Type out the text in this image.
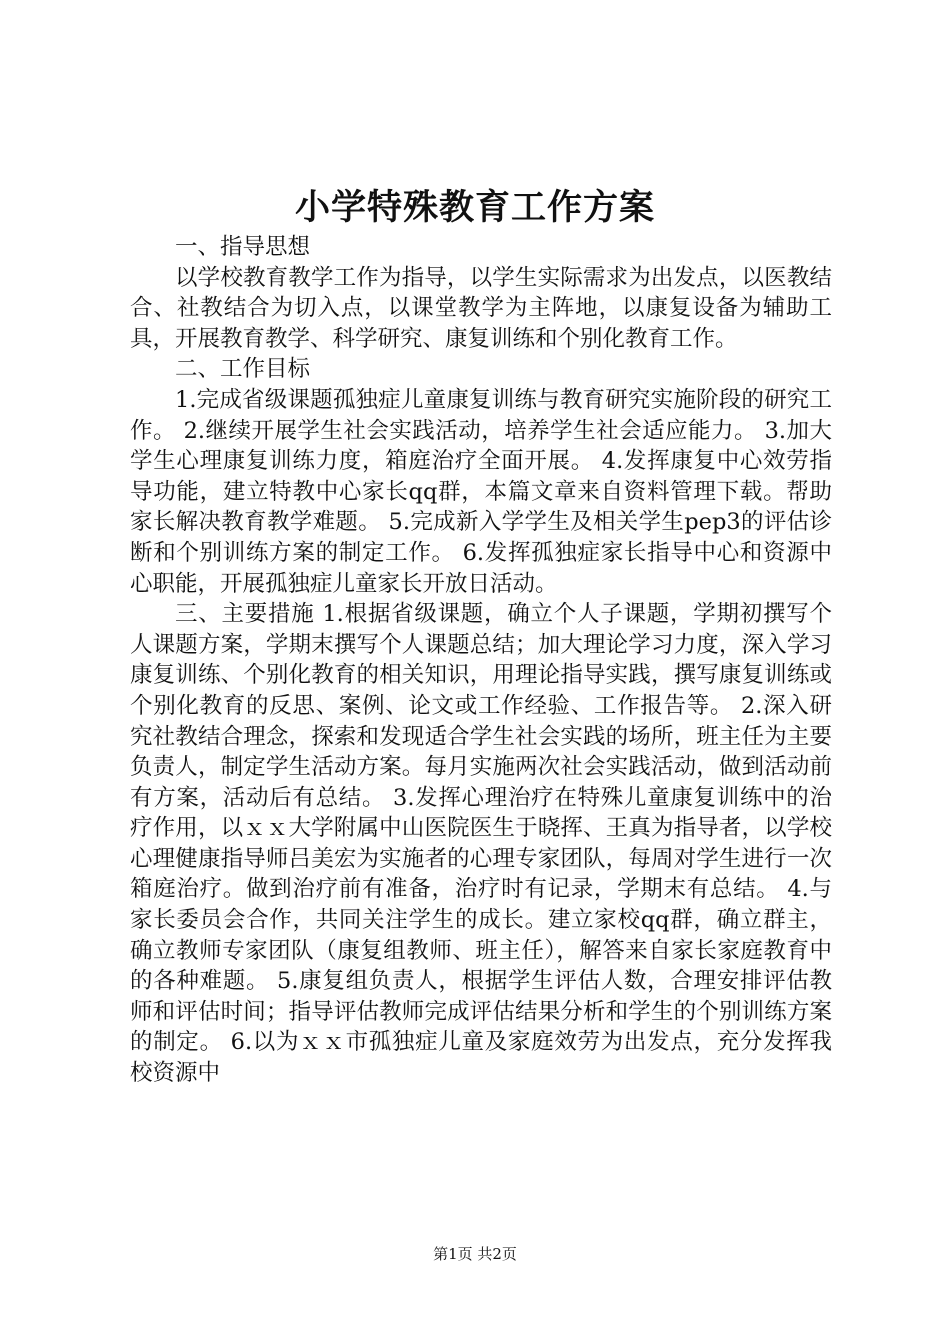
小学特殊教育工作方案

一、指导思想

以学校教育教学工作为指导，以学生实际需求为出发点，以医教结合、社教结合为切入点，以课堂教学为主阵地，以康复设备为辅助工具，开展教育教学、科学研究、康复训练和个别化教育工作。

二、工作目标

1.完成省级课题孤独症儿童康复训练与教育研究实施阶段的研究工作。 2.继续开展学生社会实践活动，培养学生社会适应能力。 3.加大学生心理康复训练力度，箱庭治疗全面开展。 4.发挥康复中心效劳指导功能，建立特教中心家长qq群，本篇文章来自资料管理下载。帮助家长解决教育教学难题。 5.完成新入学学生及相关学生pep3的评估诊断和个别训练方案的制定工作。 6.发挥孤独症家长指导中心和资源中心职能，开展孤独症儿童家长开放日活动。

三、主要措施 1.根据省级课题，确立个人子课题，学期初撰写个人课题方案，学期末撰写个人课题总结；加大理论学习力度，深入学习康复训练、个别化教育的相关知识，用理论指导实践，撰写康复训练或个别化教育的反思、案例、论文或工作经验、工作报告等。 2.深入研究社教结合理念，探索和发现适合学生社会实践的场所，班主任为主要负责人，制定学生活动方案。每月实施两次社会实践活动，做到活动前有方案，活动后有总结。 3.发挥心理治疗在特殊儿童康复训练中的治疗作用，以ｘｘ大学附属中山医院医生于晓挥、王真为指导者，以学校心理健康指导师吕美宏为实施者的心理专家团队，每周对学生进行一次箱庭治疗。做到治疗前有准备，治疗时有记录，学期末有总结。 4.与家长委员会合作，共同关注学生的成长。建立家校qq群，确立群主，确立教师专家团队（康复组教师、班主任），解答来自家长家庭教育中的各种难题。 5.康复组负责人，根据学生评估人数，合理安排评估教师和评估时间；指导评估教师完成评估结果分析和学生的个别训练方案的制定。 6.以为ｘｘ市孤独症儿童及家庭效劳为出发点，充分发挥我校资源中

第1页 共2页
